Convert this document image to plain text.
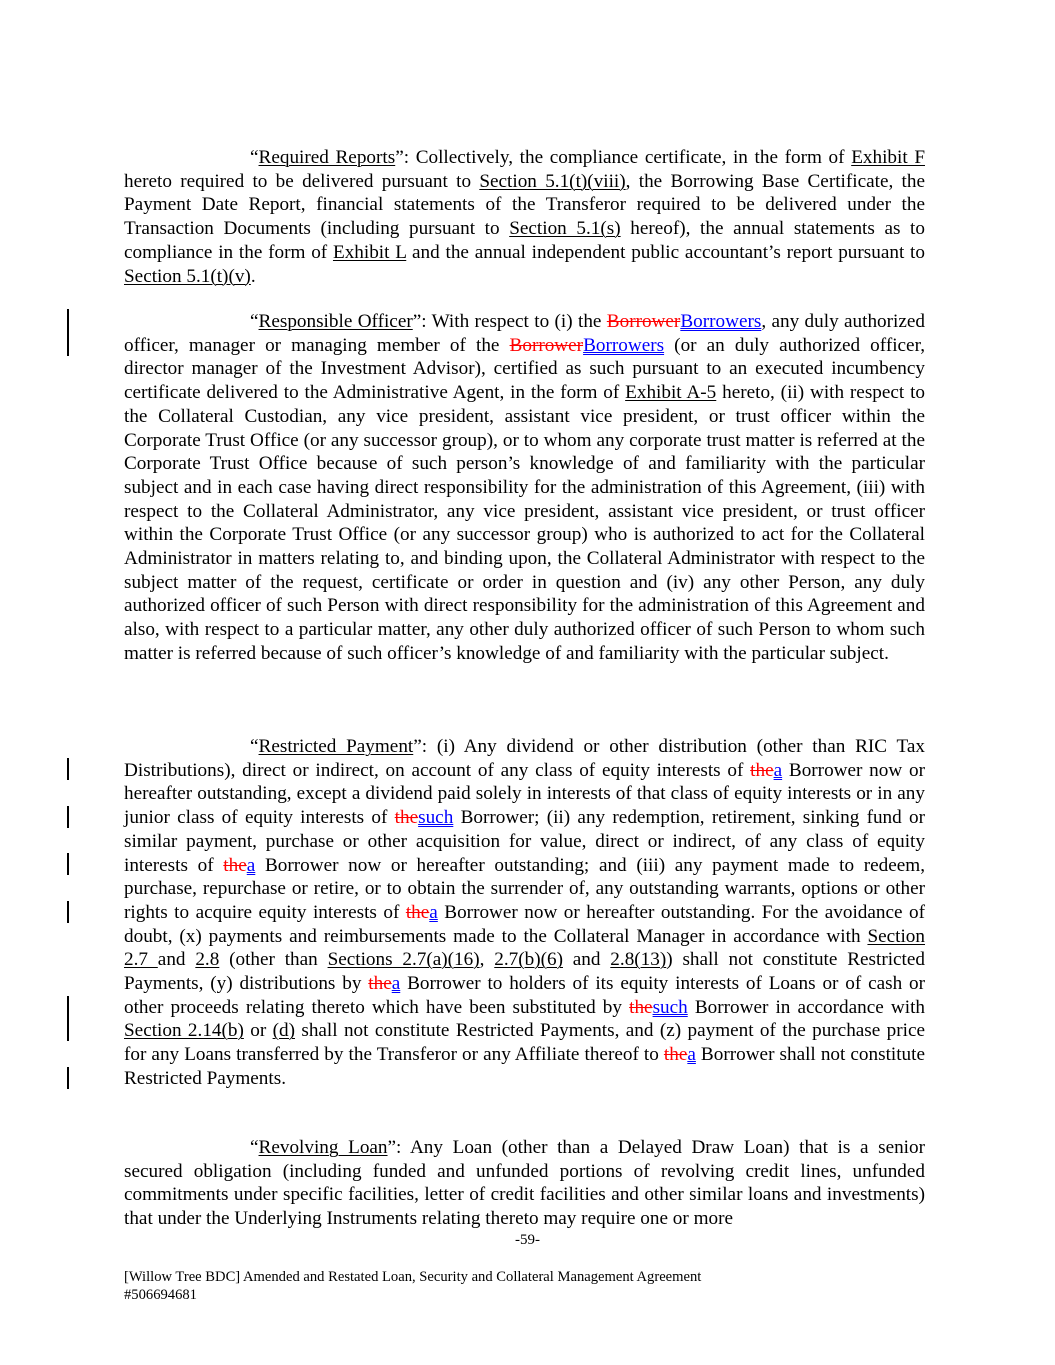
“Required Reports”: Collectively, the compliance certificate, in the form of Exhibit F hereto required to be delivered pursuant to Section 5.1(t)(viii), the Borrowing Base Certificate, the Payment Date Report, financial statements of the Transferor required to be delivered under the Transaction Documents (including pursuant to Section 5.1(s) hereof), the annual statements as to compliance in the form of Exhibit L and the annual independent public accountant’s report pursuant to Section 5.1(t)(v).
“Responsible Officer”: With respect to (i) the BorrowerBorrowers, any duly authorized officer, manager or managing member of the BorrowerBorrowers (or an duly authorized officer, director manager of the Investment Advisor), certified as such pursuant to an executed incumbency certificate delivered to the Administrative Agent, in the form of Exhibit A-5 hereto, (ii) with respect to the Collateral Custodian, any vice president, assistant vice president, or trust officer within the Corporate Trust Office (or any successor group), or to whom any corporate trust matter is referred at the Corporate Trust Office because of such person’s knowledge of and familiarity with the particular subject and in each case having direct responsibility for the administration of this Agreement, (iii) with respect to the Collateral Administrator, any vice president, assistant vice president, or trust officer within the Corporate Trust Office (or any successor group) who is authorized to act for the Collateral Administrator in matters relating to, and binding upon, the Collateral Administrator with respect to the subject matter of the request, certificate or order in question and (iv) any other Person, any duly authorized officer of such Person with direct responsibility for the administration of this Agreement and also, with respect to a particular matter, any other duly authorized officer of such Person to whom such matter is referred because of such officer’s knowledge of and familiarity with the particular subject.
“Restricted Payment”: (i) Any dividend or other distribution (other than RIC Tax Distributions), direct or indirect, on account of any class of equity interests of thea Borrower now or hereafter outstanding, except a dividend paid solely in interests of that class of equity interests or in any junior class of equity interests of thesuch Borrower; (ii) any redemption, retirement, sinking fund or similar payment, purchase or other acquisition for value, direct or indirect, of any class of equity interests of thea Borrower now or hereafter outstanding; and (iii) any payment made to redeem, purchase, repurchase or retire, or to obtain the surrender of, any outstanding warrants, options or other rights to acquire equity interests of thea Borrower now or hereafter outstanding. For the avoidance of doubt, (x) payments and reimbursements made to the Collateral Manager in accordance with Section 2.7 and 2.8 (other than Sections 2.7(a)(16), 2.7(b)(6) and 2.8(13)) shall not constitute Restricted Payments, (y) distributions by thea Borrower to holders of its equity interests of Loans or of cash or other proceeds relating thereto which have been substituted by thesuch Borrower in accordance with Section 2.14(b) or (d) shall not constitute Restricted Payments, and (z) payment of the purchase price for any Loans transferred by the Transferor or any Affiliate thereof to thea Borrower shall not constitute Restricted Payments.
“Revolving Loan”: Any Loan (other than a Delayed Draw Loan) that is a senior secured obligation (including funded and unfunded portions of revolving credit lines, unfunded commitments under specific facilities, letter of credit facilities and other similar loans and investments) that under the Underlying Instruments relating thereto may require one or more
-59-
[Willow Tree BDC] Amended and Restated Loan, Security and Collateral Management Agreement
#506694681
